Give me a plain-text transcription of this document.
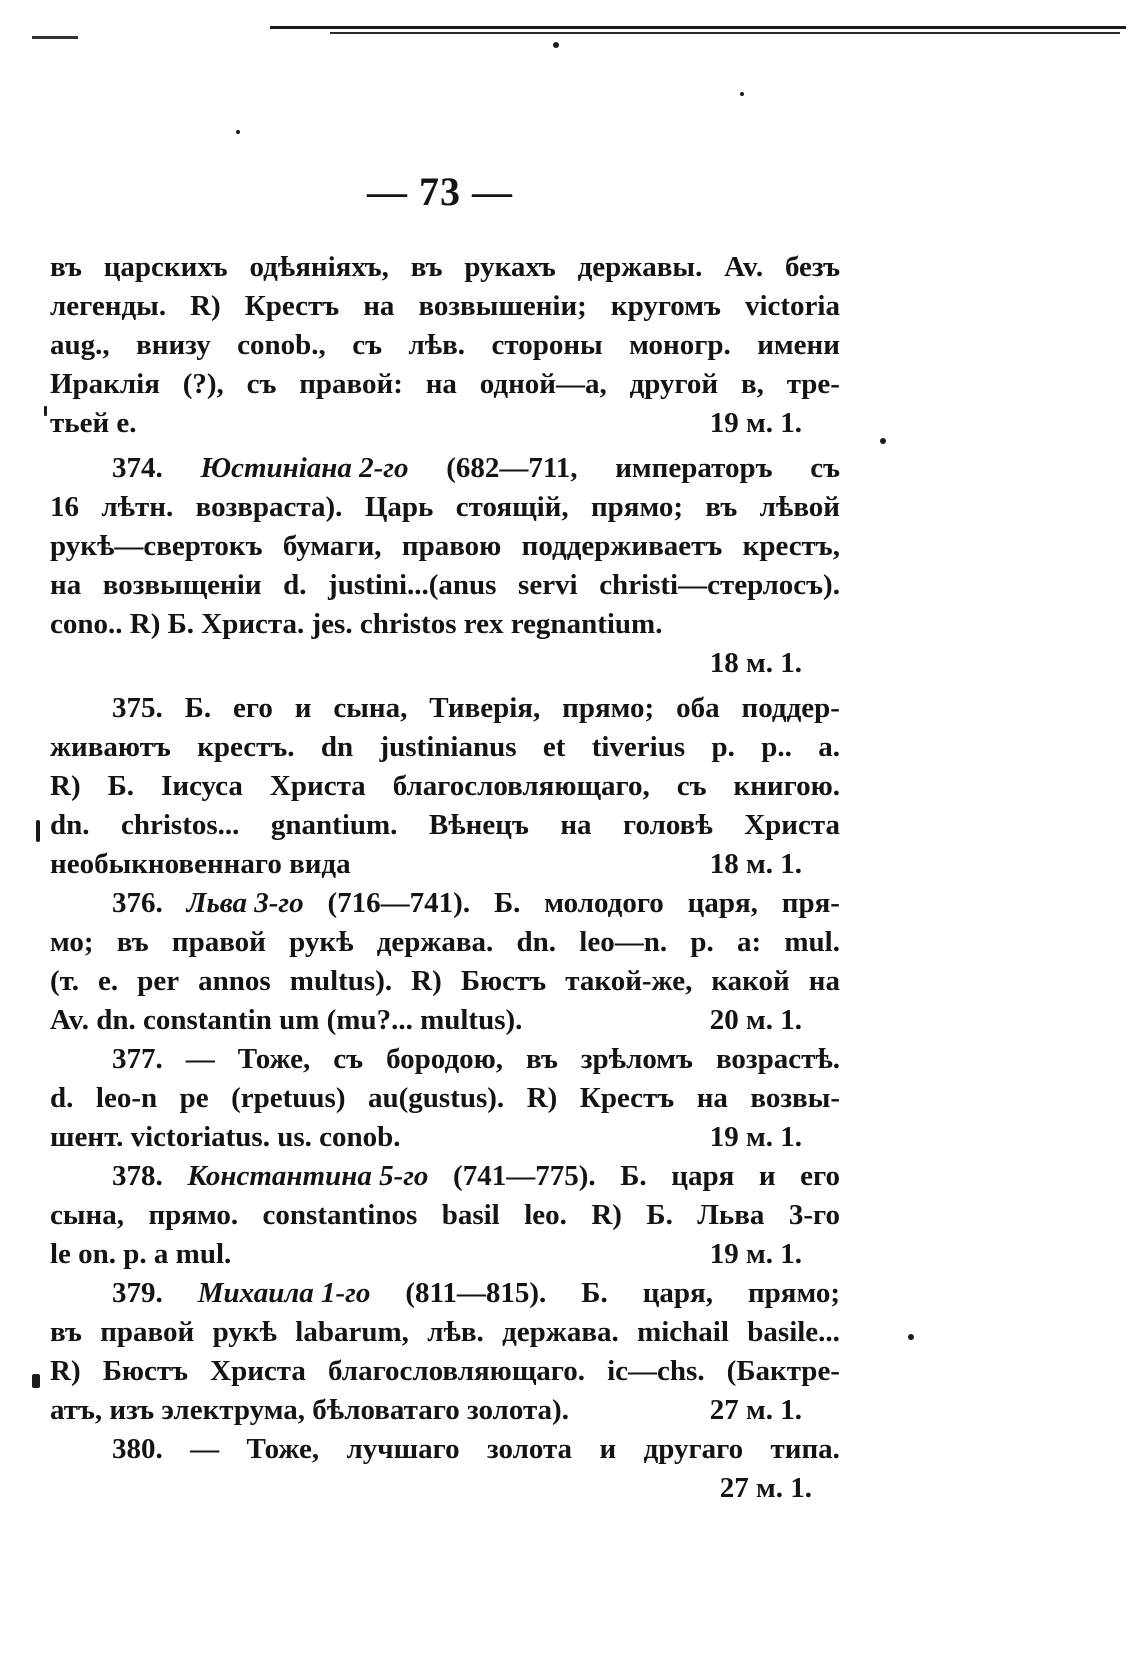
— 73 —
въ царскихъ одѣяніяхъ, въ рукахъ державы. Av. безъ
легенды. R) Крестъ на возвышеніи; кругомъ victoria
aug., внизу conob., съ лѣв. стороны моногр. имени
Ираклія (?), съ правой: на одной—а, другой в, тре-
тьей е.	19 м. 1.
374. Юстиніана 2-го (682—711, императоръ съ
16 лѣтн. возвраста). Царь стоящій, прямо; въ лѣвой
рукѣ—свертокъ бумаги, правою поддерживаетъ крестъ,
на возвыщеніи d. justini...(anus servi christi—стерлосъ).
cono.. R) Б. Христа. jes. christos rex regnantium.
18 м. 1.
375. Б. его и сына, Тиверія, прямо; оба поддер-
живаютъ крестъ. dn justinianus et tiverius p. p.. a.
R) Б. Іисуса Христа благословляющаго, съ книгою.
dn. christos... gnantium. Вѣнецъ на головѣ Христа
необыкновеннаго вида	18 м. 1.
376. Льва 3-го (716—741). Б. молодого царя, пря-
мо; въ правой рукѣ держава. dn. leo—n. p. a: mul.
(т. е. per annos multus). R) Бюстъ такой-же, какой на
Av. dn. constantin um (mu?... multus).	20 м. 1.
377. — Тоже, съ бородою, въ зрѣломъ возрастѣ.
d. leo-n pe (rpetuus) au(gustus). R) Крестъ на возвы-
шент. victoriatus. us. conob.	19 м. 1.
378. Константина 5-го (741—775). Б. царя и его
сына, прямо. constantinos basil leo. R) Б. Льва 3-го
le on. p. a mul.	19 м. 1.
379. Михаила 1-го (811—815). Б. царя, прямо;
въ правой рукѣ labarum, лѣв. держава. michail basile...
R) Бюстъ Христа благословляющаго. ic—chs. (Бактре-
атъ, изъ электрума, бѣловатаго золота).	27 м. 1.
380. — Тоже, лучшаго золота и другаго типа.
27 м. 1.
